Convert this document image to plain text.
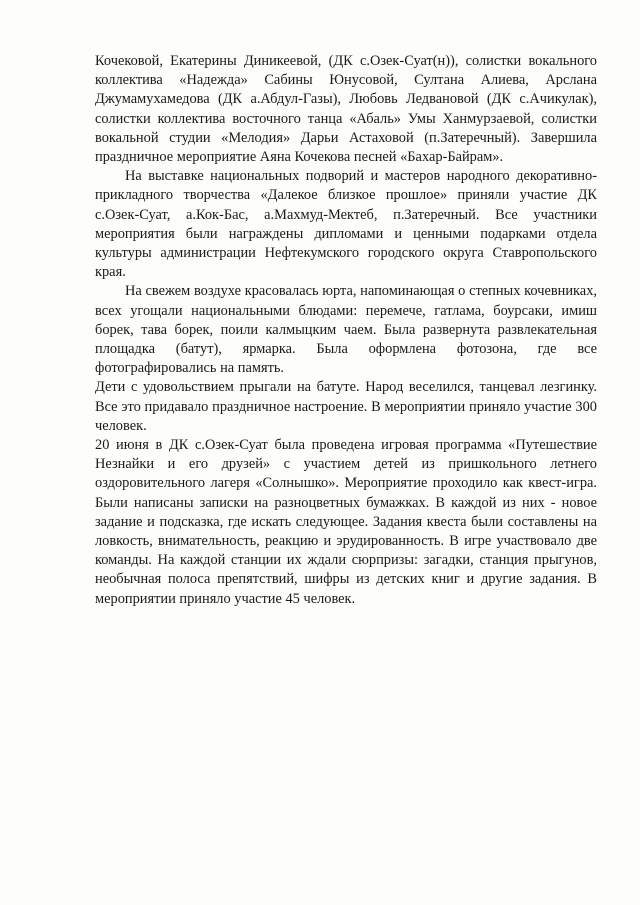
Кочековой, Екатерины Диникеевой, (ДК с.Озек-Суат(н)), солистки вокального коллектива «Надежда» Сабины Юнусовой, Султана Алиева, Арслана Джумамухамедова (ДК а.Абдул-Газы), Любовь Ледвановой (ДК с.Ачикулак), солистки коллектива восточного танца «Абаль» Умы Ханмурзаевой, солистки вокальной студии «Мелодия» Дарьи Астаховой (п.Затеречный). Завершила праздничное мероприятие Аяна Кочекова песней «Бахар-Байрам».

На выставке национальных подворий и мастеров народного декоративно-прикладного творчества «Далекое близкое прошлое» приняли участие ДК с.Озек-Суат, а.Кок-Бас, а.Махмуд-Мектеб, п.Затеречный. Все участники мероприятия были награждены дипломами и ценными подарками отдела культуры администрации Нефтекумского городского округа Ставропольского края.

На свежем воздухе красовалась юрта, напоминающая о степных кочевниках, всех угощали национальными блюдами: перемече, гатлама, боурсаки, имиш борек, тава борек, поили калмыцким чаем. Была развернута развлекательная площадка (батут), ярмарка. Была оформлена фотозона, где все фотографировались на память.

Дети с удовольствием прыгали на батуте. Народ веселился, танцевал лезгинку. Все это придавало праздничное настроение. В мероприятии приняло участие 300 человек.

20 июня в ДК с.Озек-Суат была проведена игровая программа «Путешествие Незнайки и его друзей» с участием детей из пришкольного летнего оздоровительного лагеря «Солнышко». Мероприятие проходило как квест-игра. Были написаны записки на разноцветных бумажках. В каждой из них - новое задание и подсказка, где искать следующее. Задания квеста были составлены на ловкость, внимательность, реакцию и эрудированность. В игре участвовало две команды. На каждой станции их ждали сюрпризы: загадки, станция прыгунов, необычная полоса препятствий, шифры из детских книг и другие задания. В мероприятии приняло участие 45 человек.
